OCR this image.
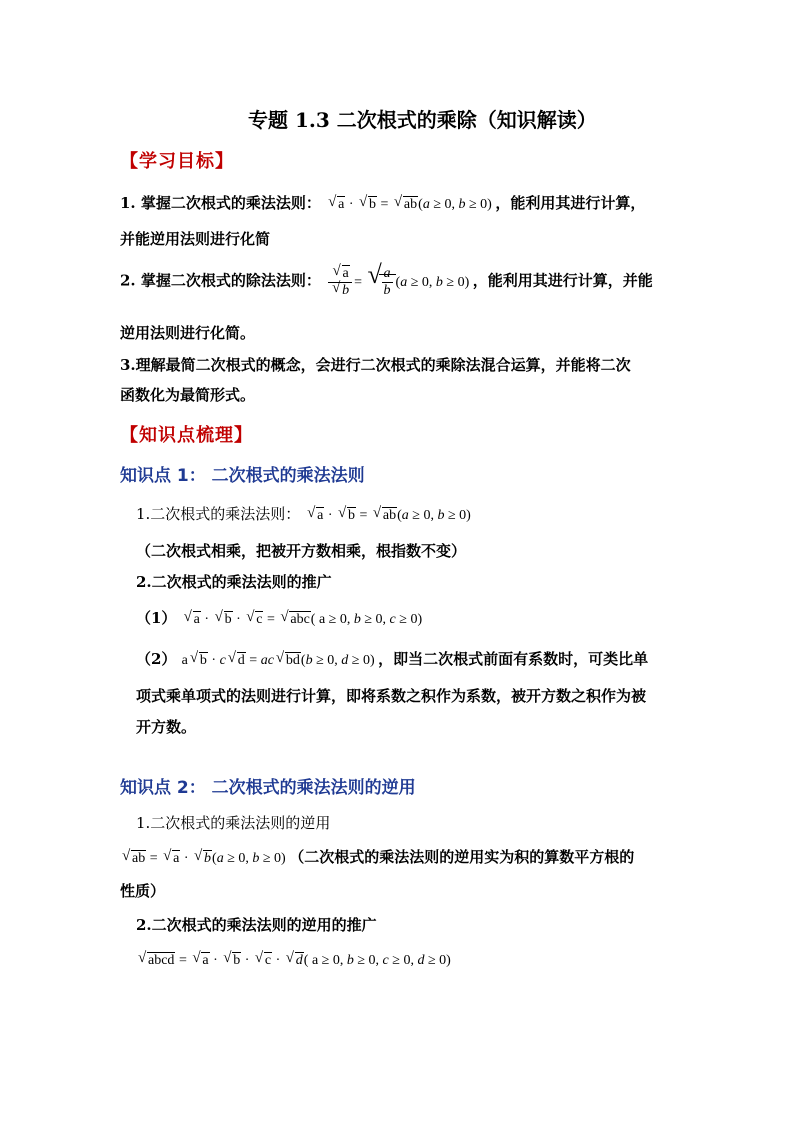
专题 1.3 二次根式的乘除（知识解读）
【学习目标】
1. 掌握二次根式的乘法法则： √ a · √ b = √ ab(a ≥ 0, b ≥ 0) ，能利用其进行计算，
并能逆用法则进行化简
2. 掌握二次根式的除法法则： $\frac{√ a}{√ b}$ = √ $\frac{a}{b} (a \ge 0$, b ≥ 0) ，能利用其进行计算，并能
逆用法则进行化简。
3.理解最简二次根式的概念，会进行二次根式的乘除法混合运算，并能将二次
函数化为最简形式。
【知识点梳理】
知识点 1： 二次根式的乘法法则
1.二次根式的乘法法则： √ a · √ b = √ ab(a ≥ 0, b ≥ 0)
（二次根式相乘，把被开方数相乘，根指数不变）
2.二次根式的乘法法则的推广
（1） √ a · √ b · √ c = √ abc( a ≥ 0, b ≥ 0, c ≥ 0)
（2） a √ b · c √ d = ac √ bd(b ≥ 0, d ≥ 0) ，即当二次根式前面有系数时，可类比单
项式乘单项式的法则进行计算，即将系数之积作为系数，被开方数之积作为被
开方数。
知识点 2： 二次根式的乘法法则的逆用
1.二次根式的乘法法则的逆用
√ ab = √ a · √ b(a ≥ 0, b ≥ 0) （二次根式的乘法法则的逆用实为积的算数平方根的
性质）
2.二次根式的乘法法则的逆用的推广
√ abcd = √ a · √ b · √ c · √ d( a ≥ 0, b ≥ 0, c ≥ 0, d ≥ 0)
